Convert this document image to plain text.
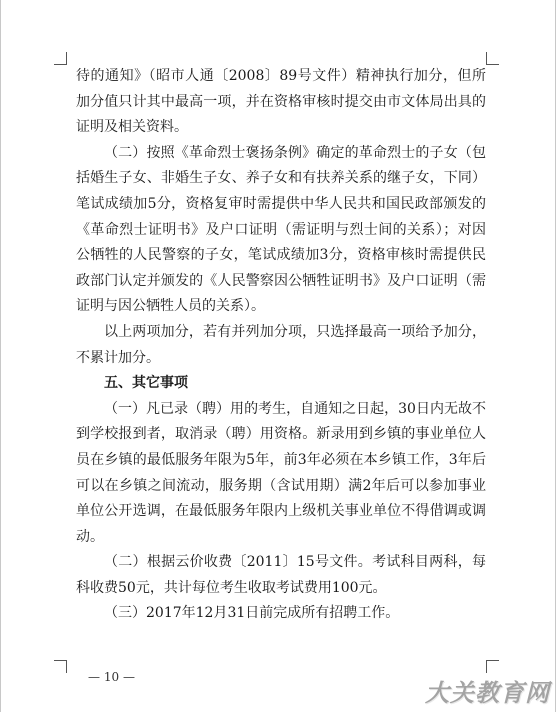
待的通知》（昭市人通〔2008〕89号文件）精神执行加分，但所加分值只计其中最高一项，并在资格审核时提交由市文体局出具的证明及相关资料。

（二）按照《革命烈士褒扬条例》确定的革命烈士的子女（包括婚生子女、非婚生子女、养子女和有扶养关系的继子女，下同）笔试成绩加5分，资格复审时需提供中华人民共和国民政部颁发的《革命烈士证明书》及户口证明（需证明与烈士间的关系）；对因公牺牲的人民警察的子女，笔试成绩加3分，资格审核时需提供民政部门认定并颁发的《人民警察因公牺牲证明书》及户口证明（需证明与因公牺牲人员的关系）。

以上两项加分，若有并列加分项，只选择最高一项给予加分，不累计加分。

五、其它事项

（一）凡已录（聘）用的考生，自通知之日起，30日内无故不到学校报到者，取消录（聘）用资格。新录用到乡镇的事业单位人员在乡镇的最低服务年限为5年，前3年必须在本乡镇工作，3年后可以在乡镇之间流动，服务期（含试用期）满2年后可以参加事业单位公开选调，在最低服务年限内上级机关事业单位不得借调或调动。

（二）根据云价收费〔2011〕15号文件。考试科目两科，每科收费50元，共计每位考生收取考试费用100元。

（三）2017年12月31日前完成所有招聘工作。

— 10 —
大关教育网
